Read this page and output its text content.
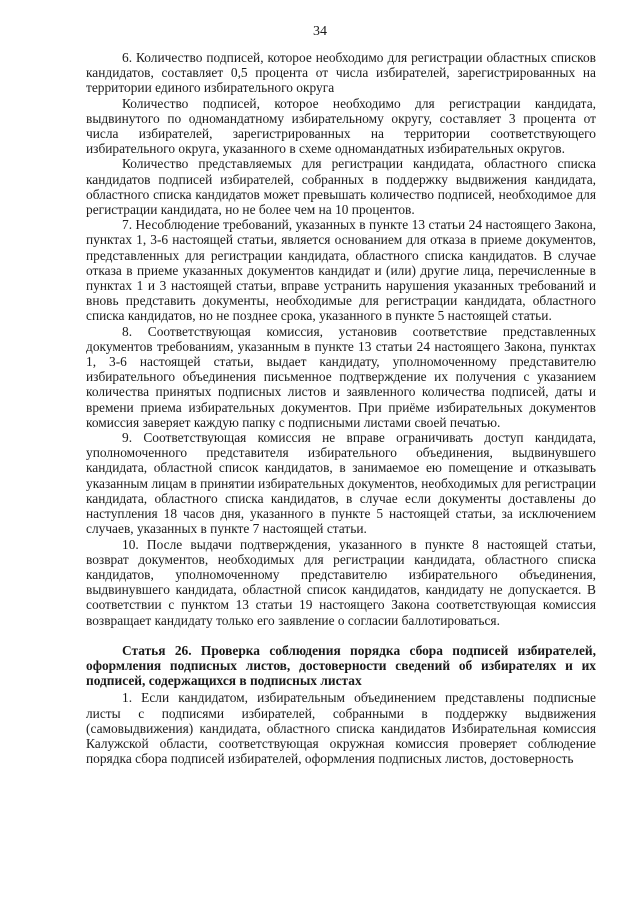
34

6. Количество подписей, которое необходимо для регистрации областных списков кандидатов, составляет 0,5 процента от числа избирателей, зарегистрированных на территории единого избирательного округа

Количество подписей, которое необходимо для регистрации кандидата, выдвинутого по одномандатному избирательному округу, составляет 3 процента от числа избирателей, зарегистрированных на территории соответствующего избирательного округа, указанного в схеме одномандатных избирательных округов.

Количество представляемых для регистрации кандидата, областного списка кандидатов подписей избирателей, собранных в поддержку выдвижения кандидата, областного списка кандидатов может превышать количество подписей, необходимое для регистрации кандидата, но не более чем на 10 процентов.

7. Несоблюдение требований, указанных в пункте 13 статьи 24 настоящего Закона, пунктах 1, 3-6 настоящей статьи, является основанием для отказа в приеме документов, представленных для регистрации кандидата, областного списка кандидатов. В случае отказа в приеме указанных документов кандидат и (или) другие лица, перечисленные в пунктах 1 и 3 настоящей статьи, вправе устранить нарушения указанных требований и вновь представить документы, необходимые для регистрации кандидата, областного списка кандидатов, но не позднее срока, указанного в пункте 5 настоящей статьи.

8. Соответствующая комиссия, установив соответствие представленных документов требованиям, указанным в пункте 13 статьи 24 настоящего Закона, пунктах 1, 3-6 настоящей статьи, выдает кандидату, уполномоченному представителю избирательного объединения письменное подтверждение их получения с указанием количества принятых подписных листов и заявленного количества подписей, даты и времени приема избирательных документов. При приёме избирательных документов комиссия заверяет каждую папку с подписными листами своей печатью.

9. Соответствующая комиссия не вправе ограничивать доступ кандидата, уполномоченного представителя избирательного объединения, выдвинувшего кандидата, областной список кандидатов, в занимаемое ею помещение и отказывать указанным лицам в принятии избирательных документов, необходимых для регистрации кандидата, областного списка кандидатов, в случае если документы доставлены до наступления 18 часов дня, указанного в пункте 5 настоящей статьи, за исключением случаев, указанных в пункте 7 настоящей статьи.

10. После выдачи подтверждения, указанного в пункте 8 настоящей статьи, возврат документов, необходимых для регистрации кандидата, областного списка кандидатов, уполномоченному представителю избирательного объединения, выдвинувшего кандидата, областной список кандидатов, кандидату не допускается. В соответствии с пунктом 13 статьи 19 настоящего Закона соответствующая комиссия возвращает кандидату только его заявление о согласии баллотироваться.

Статья 26. Проверка соблюдения порядка сбора подписей избирателей, оформления подписных листов, достоверности сведений об избирателях и их подписей, содержащихся в подписных листах

1. Если кандидатом, избирательным объединением представлены подписные листы с подписями избирателей, собранными в поддержку выдвижения (самовыдвижения) кандидата, областного списка кандидатов Избирательная комиссия Калужской области, соответствующая окружная комиссия проверяет соблюдение порядка сбора подписей избирателей, оформления подписных листов, достоверность
